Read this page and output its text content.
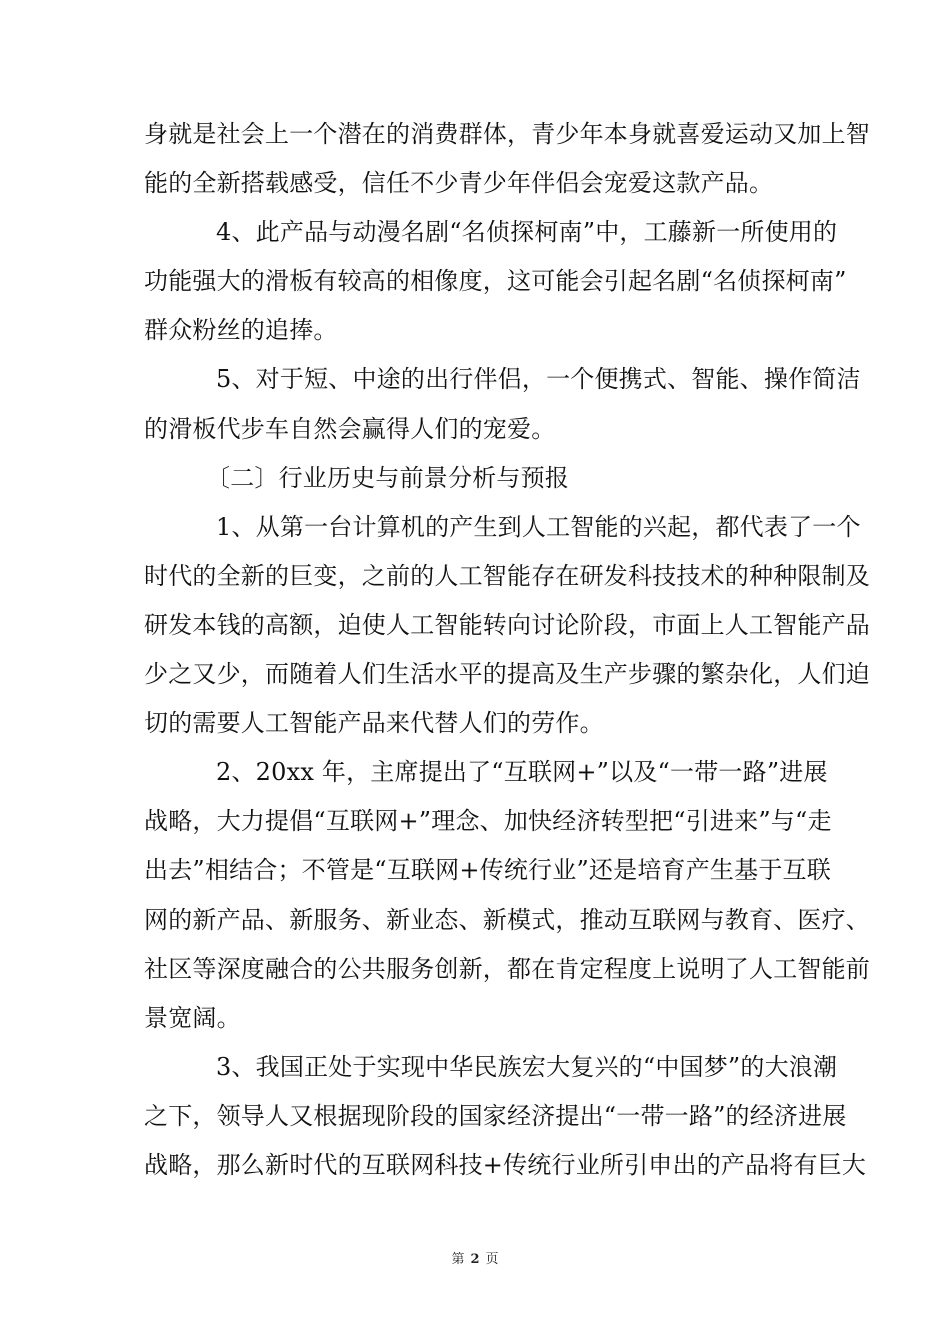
身就是社会上一个潜在的消费群体，青少年本身就喜爱运动又加上智
能的全新搭载感受，信任不少青少年伴侣会宠爱这款产品。
4、此产品与动漫名剧“名侦探柯南”中，工藤新一所使用的
功能强大的滑板有较高的相像度，这可能会引起名剧“名侦探柯南”
群众粉丝的追捧。
5、对于短、中途的出行伴侣，一个便携式、智能、操作简洁
的滑板代步车自然会赢得人们的宠爱。
〔二〕行业历史与前景分析与预报
1、从第一台计算机的产生到人工智能的兴起，都代表了一个
时代的全新的巨变，之前的人工智能存在研发科技技术的种种限制及
研发本钱的高额，迫使人工智能转向讨论阶段，市面上人工智能产品
少之又少，而随着人们生活水平的提高及生产步骤的繁杂化，人们迫
切的需要人工智能产品来代替人们的劳作。
2、20xx 年，主席提出了“互联网+”以及“一带一路”进展
战略，大力提倡“互联网+”理念、加快经济转型把“引进来”与“走
出去”相结合；不管是“互联网+传统行业”还是培育产生基于互联
网的新产品、新服务、新业态、新模式，推动互联网与教育、医疗、
社区等深度融合的公共服务创新，都在肯定程度上说明了人工智能前
景宽阔。
3、我国正处于实现中华民族宏大复兴的“中国梦”的大浪潮
之下，领导人又根据现阶段的国家经济提出“一带一路”的经济进展
战略，那么新时代的互联网科技+传统行业所引申出的产品将有巨大
第 2 页
